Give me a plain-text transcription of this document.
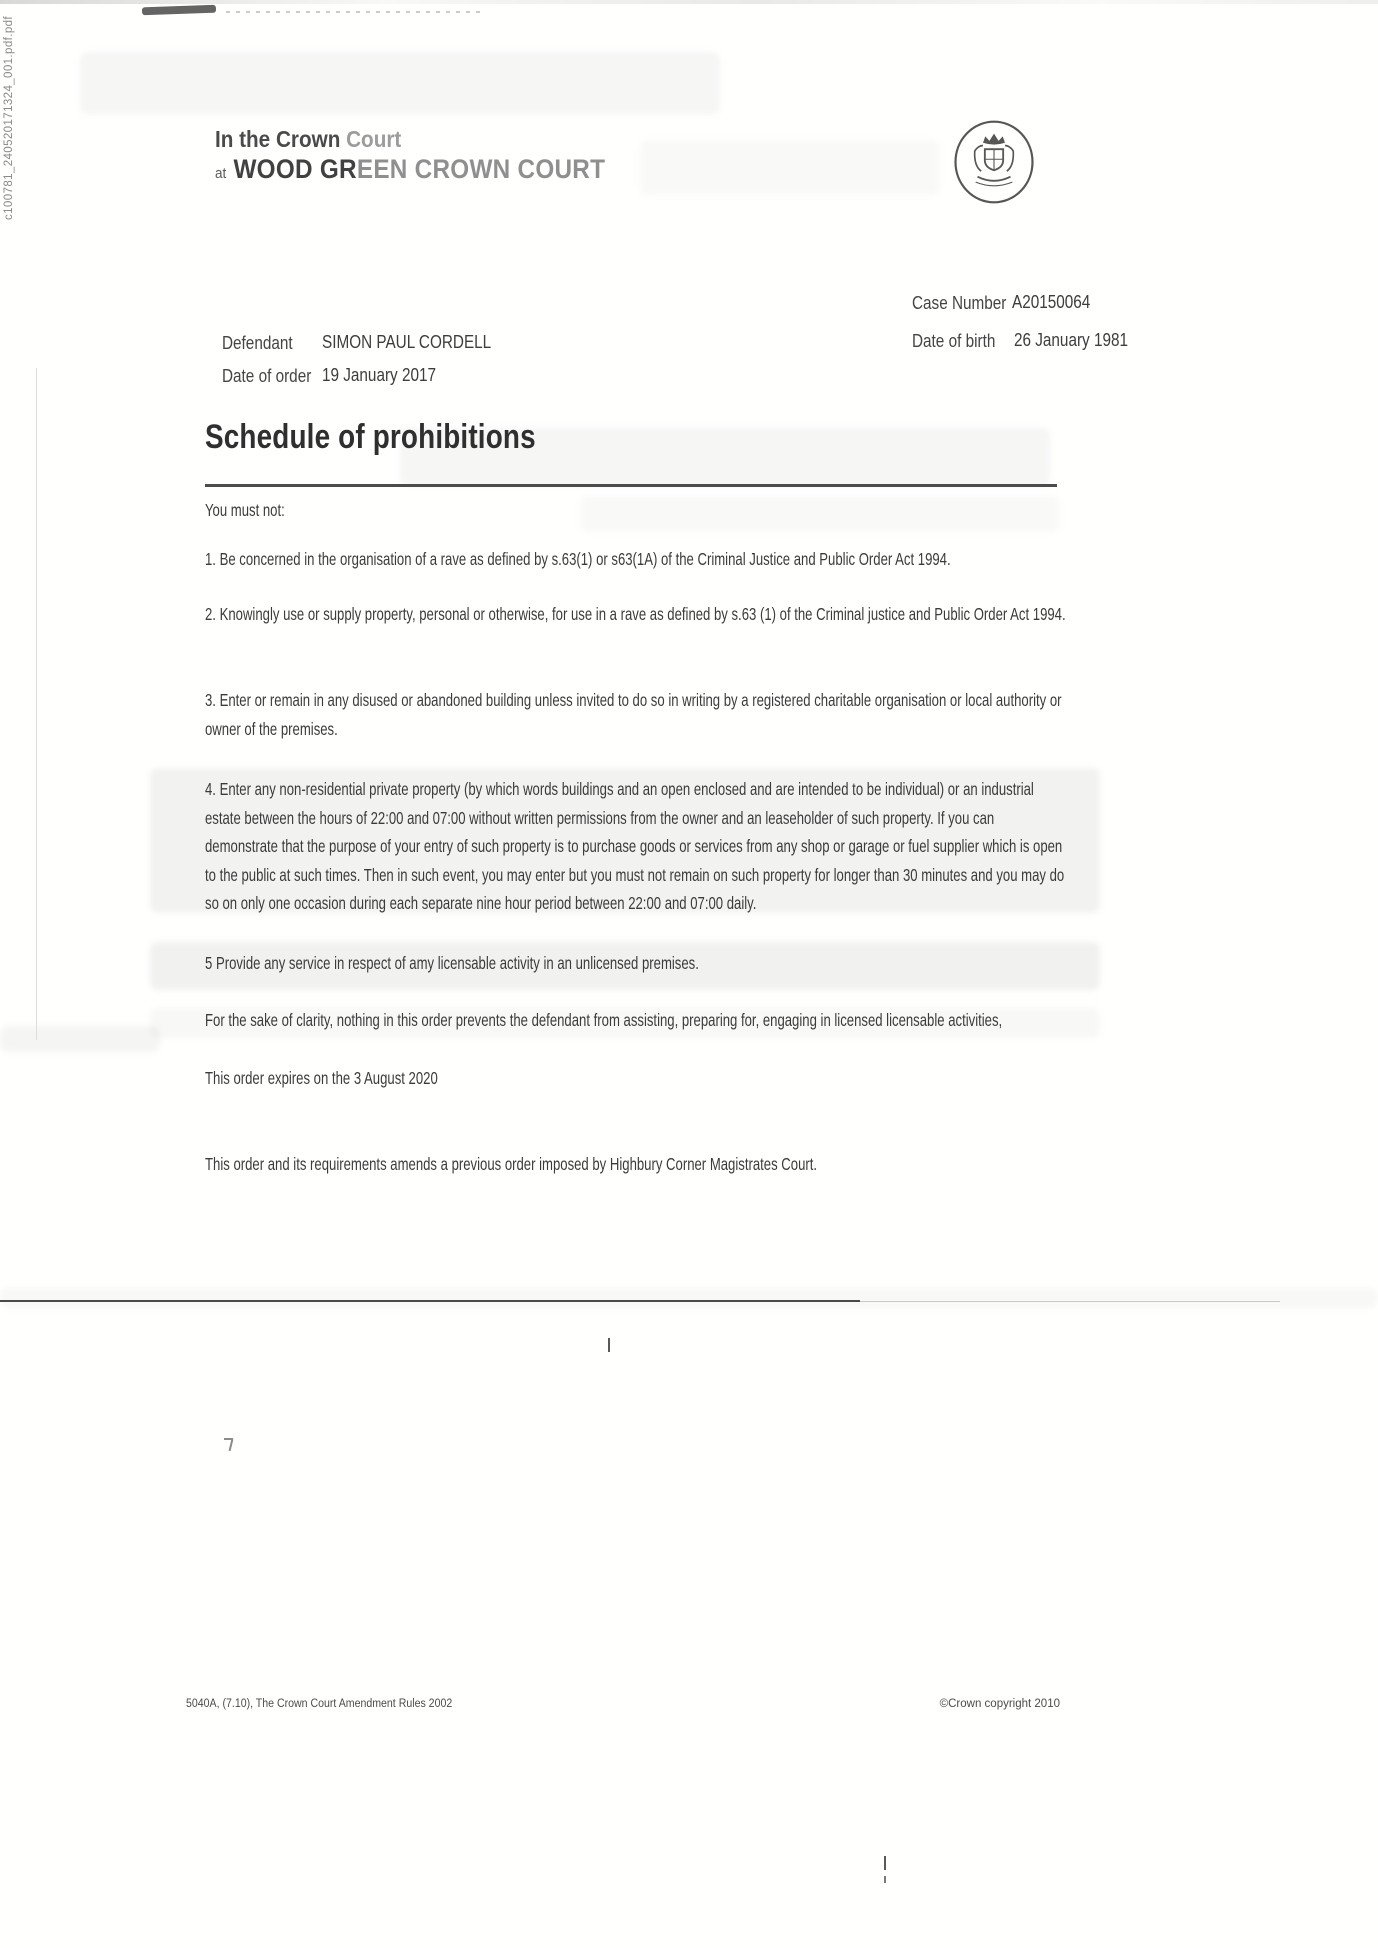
c100781_240520171324_001.pdf.pdf	In the Crown Court
at WOOD GREEN CROWN COURT
Case Number A20150064
Defendant SIMON PAUL CORDELL	Date of birth 26 January 1981
Date of order 19 January 2017
Schedule of prohibitions

You must not:

1. Be concerned in the organisation of a rave as defined by s.63(1) or s63(1A) of the Criminal Justice and Public Order Act 1994.

2. Knowingly use or supply property, personal or otherwise, for use in a rave as defined by s.63 (1) of the Criminal justice and Public Order Act 1994.

3. Enter or remain in any disused or abandoned building unless invited to do so in writing by a registered charitable organisation or local authority or owner of the premises.

4. Enter any non-residential private property (by which words buildings and an open enclosed and are intended to be individual) or an industrial estate between the hours of 22:00 and 07:00 without written permissions from the owner and an leaseholder of such property. If you can demonstrate that the purpose of your entry of such property is to purchase goods or services from any shop or garage or fuel supplier which is open to the public at such times. Then in such event, you may enter but you must not remain on such property for longer than 30 minutes and you may do so on only one occasion during each separate nine hour period between 22:00 and 07:00 daily.

5 Provide any service in respect of amy licensable activity in an unlicensed premises.

For the sake of clarity, nothing in this order prevents the defendant from assisting, preparing for, engaging in licensed licensable activities,

This order expires on the 3 August 2020

This order and its requirements amends a previous order imposed by Highbury Corner Magistrates Court.

5040A, (7.10), The Crown Court Amendment Rules 2002	©Crown copyright 2010
